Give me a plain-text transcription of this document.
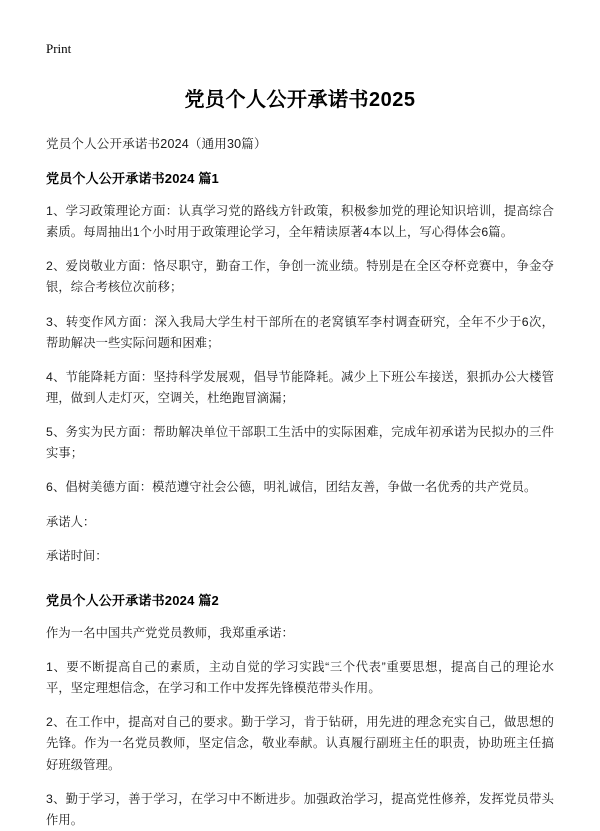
Print
党员个人公开承诺书2025
党员个人公开承诺书2024（通用30篇）
党员个人公开承诺书2024 篇1

1、学习政策理论方面：认真学习党的路线方针政策，积极参加党的理论知识培训，提高综合素质。每周抽出1个小时用于政策理论学习，全年精读原著4本以上，写心得体会6篇。

2、爱岗敬业方面：恪尽职守，勤奋工作，争创一流业绩。特别是在全区夺杯竞赛中，争金夺银，综合考核位次前移；

3、转变作风方面：深入我局大学生村干部所在的老窝镇军李村调查研究，全年不少于6次，帮助解决一些实际问题和困难；

4、节能降耗方面：坚持科学发展观，倡导节能降耗。减少上下班公车接送，狠抓办公大楼管理，做到人走灯灭，空调关，杜绝跑冒滴漏；

5、务实为民方面：帮助解决单位干部职工生活中的实际困难，完成年初承诺为民拟办的三件实事；

6、倡树美德方面：模范遵守社会公德，明礼诚信，团结友善，争做一名优秀的共产党员。

承诺人：
承诺时间：
党员个人公开承诺书2024 篇2

作为一名中国共产党党员教师，我郑重承诺：

1、要不断提高自己的素质，主动自觉的学习实践“三个代表”重要思想，提高自己的理论水平，坚定理想信念，在学习和工作中发挥先锋模范带头作用。

2、在工作中，提高对自己的要求。勤于学习，肯于钻研，用先进的理念充实自己，做思想的先锋。作为一名党员教师，坚定信念，敬业奉献。认真履行副班主任的职责，协助班主任搞好班级管理。

3、勤于学习，善于学习，在学习中不断进步。加强政治学习，提高党性修养，发挥党员带头作用。
